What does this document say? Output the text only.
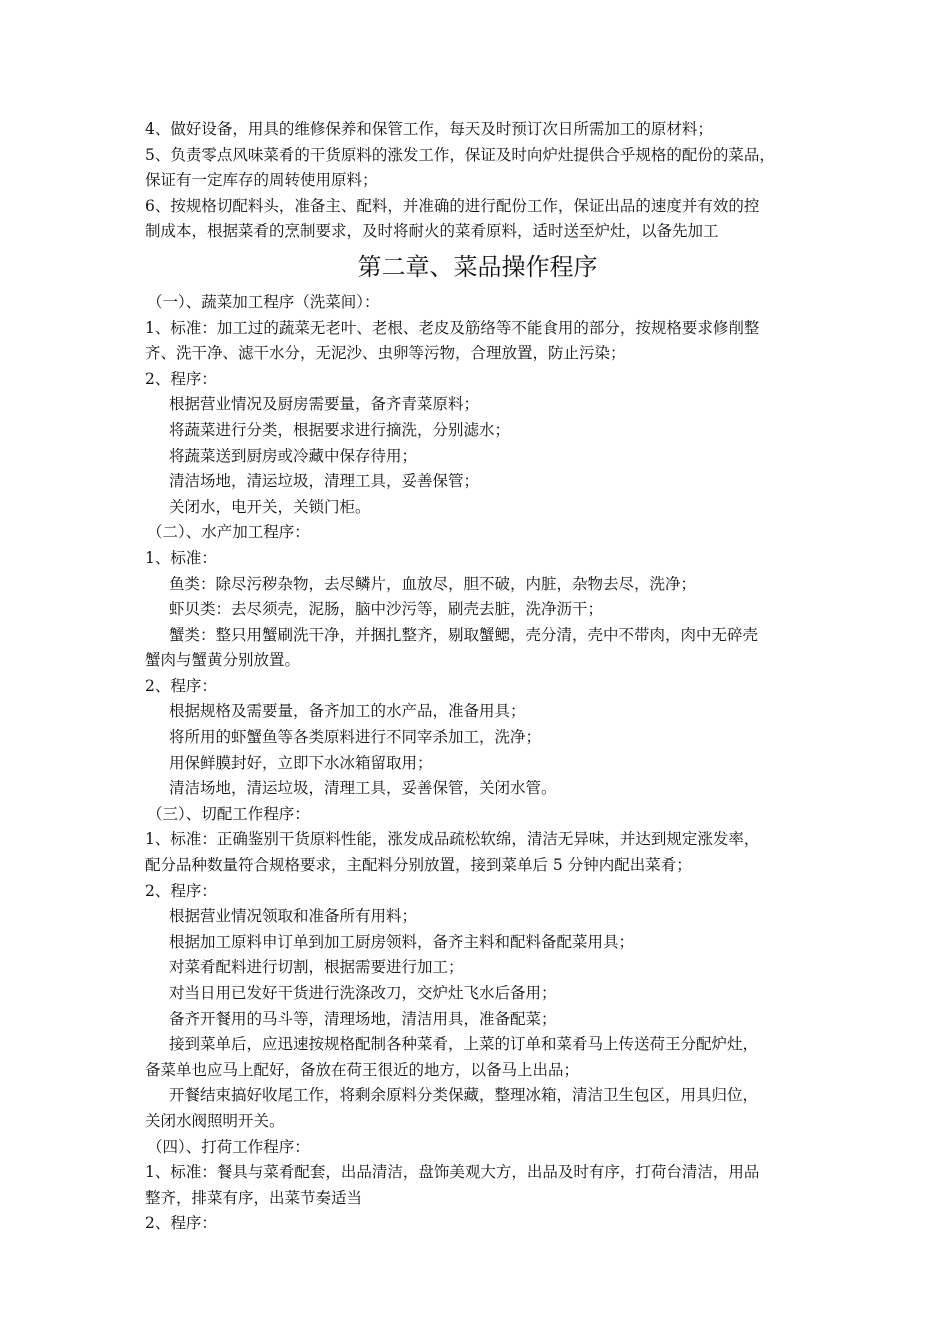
4、做好设备，用具的维修保养和保管工作，每天及时预订次日所需加工的原材料；
5、负责零点风味菜肴的干货原料的涨发工作，保证及时向炉灶提供合乎规格的配份的菜品，
保证有一定库存的周转使用原料；
6、按规格切配料头，准备主、配料，并准确的进行配份工作，保证出品的速度并有效的控
制成本，根据菜肴的烹制要求，及时将耐火的菜肴原料，适时送至炉灶，以备先加工
第二章、菜品操作程序
（一）、蔬菜加工程序（洗菜间）：
1、标准：加工过的蔬菜无老叶、老根、老皮及筋络等不能食用的部分，按规格要求修削整
齐、洗干净、滤干水分，无泥沙、虫卵等污物，合理放置，防止污染；
2、程序：
根据营业情况及厨房需要量，备齐青菜原料；
将蔬菜进行分类，根据要求进行摘洗，分别滤水；
将蔬菜送到厨房或冷藏中保存待用；
清洁场地，清运垃圾，清理工具，妥善保管；
关闭水，电开关，关锁门柜。
（二）、水产加工程序：
1、标准：
鱼类：除尽污秽杂物，去尽鳞片，血放尽，胆不破，内脏，杂物去尽，洗净；
虾贝类：去尽须壳，泥肠，脑中沙污等，刷壳去脏，洗净沥干；
蟹类：整只用蟹刷洗干净，并捆扎整齐，剔取蟹鳃，壳分清，壳中不带肉，肉中无碎壳
蟹肉与蟹黄分别放置。
2、程序：
根据规格及需要量，备齐加工的水产品，准备用具；
将所用的虾蟹鱼等各类原料进行不同宰杀加工，洗净；
用保鲜膜封好，立即下水冰箱留取用；
清洁场地，清运垃圾，清理工具，妥善保管，关闭水管。
（三）、切配工作程序：
1、标准：正确鉴别干货原料性能，涨发成品疏松软绵，清洁无异味，并达到规定涨发率，
配分品种数量符合规格要求，主配料分别放置，接到菜单后 5 分钟内配出菜肴；
2、程序：
根据营业情况领取和准备所有用料；
根据加工原料申订单到加工厨房领料，备齐主料和配料备配菜用具；
对菜肴配料进行切割，根据需要进行加工；
对当日用已发好干货进行洗涤改刀，交炉灶飞水后备用；
备齐开餐用的马斗等，清理场地，清洁用具，准备配菜；
接到菜单后，应迅速按规格配制各种菜肴，上菜的订单和菜肴马上传送荷王分配炉灶，
备菜单也应马上配好，备放在荷王很近的地方，以备马上出品；
开餐结束搞好收尾工作，将剩余原料分类保藏，整理冰箱，清洁卫生包区，用具归位，
关闭水阀照明开关。
（四）、打荷工作程序：
1、标准：餐具与菜肴配套，出品清洁，盘饰美观大方，出品及时有序，打荷台清洁，用品
整齐，排菜有序，出菜节奏适当
2、程序：
